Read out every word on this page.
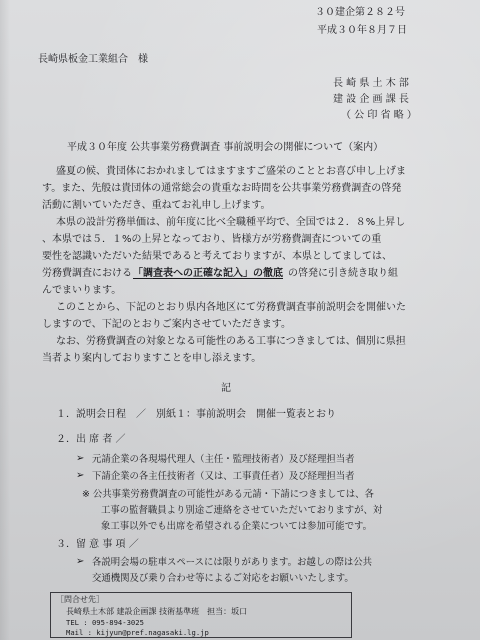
３０建企第２８２号
平成３０年８月７日
長崎県板金工業組合　様
長 崎 県 土 木 部
建 設 企 画 課 長
（ 公 印 省 略 ）
平成３０年度 公共事業労務費調査 事前説明会の開催について（案内）
盛夏の候、貴団体におかれましてはますますご盛栄のこととお喜び申し上げま
す。また、先般は貴団体の通常総会の貴重なお時間を公共事業労務費調査の啓発
活動に割いていただき、重ねてお礼申し上げます。
本県の設計労務単価は、前年度に比べ全職種平均で、全国では２．８%上昇し
、本県では５．１%の上昇となっており、皆様方が労務費調査についての重
要性を認識いただいた結果であると考えておりますが、本県としてましては、
労務費調査における 「調査表への正確な記入」の徹底 の啓発に引き続き取り組
んでまいります。
このことから、下記のとおり県内各地区にて労務費調査事前説明会を開催いた
しますので、下記のとおりご案内させていただきます。
なお、労務費調査の対象となる可能性のある工事につきましては、個別に県担
当者より案内しておりますことを申し添えます。
記
１．説明会日程　／　別紙１：事前説明会　開催一覧表とおり
２．出 席 者 ／
➢ 元請企業の各現場代理人（主任・監理技術者）及び経理担当者
➢ 下請企業の各主任技術者（又は、工事責任者）及び経理担当者
※ 公共事業労務費調査の可能性がある元請・下請につきましては、各
工事の監督職員より別途ご連絡をさせていただいておりますが、対
象工事以外でも出席を希望される企業については参加可能です。
３．留 意 事 項 ／
➢ 各説明会場の駐車スペースには限りがあります。お越しの際は公共
交通機関及び乗り合わせ等によるご対応をお願いいたします。
［問合せ先］
長崎県土木部 建設企画課 技術基準班　担当：坂口
TEL : 095-894-3025
Mail : kijyun@pref.nagasaki.lg.jp
